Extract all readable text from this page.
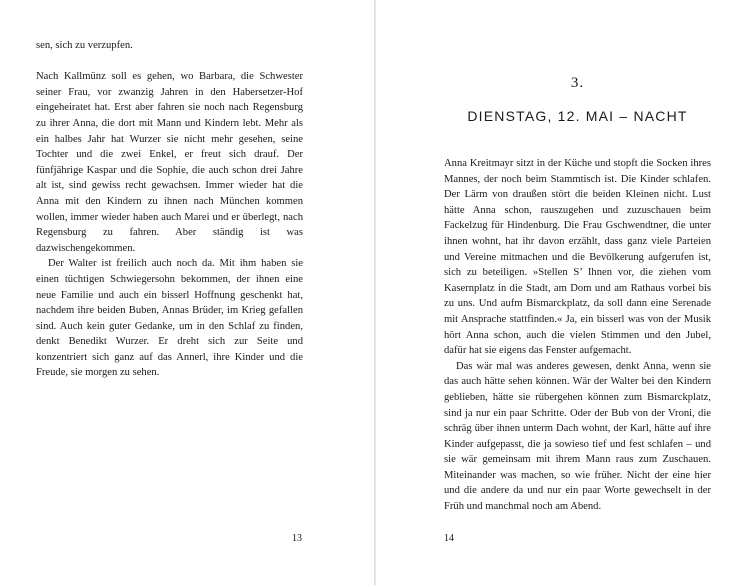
sen, sich zu verzupfen.

Nach Kallmünz soll es gehen, wo Barbara, die Schwester seiner Frau, vor zwanzig Jahren in den Habersetzer-Hof eingeheiratet hat. Erst aber fahren sie noch nach Regensburg zu ihrer Anna, die dort mit Mann und Kindern lebt. Mehr als ein halbes Jahr hat Wurzer sie nicht mehr gesehen, seine Tochter und die zwei Enkel, er freut sich drauf. Der fünfjährige Kaspar und die Sophie, die auch schon drei Jahre alt ist, sind gewiss recht gewachsen. Immer wieder hat die Anna mit den Kindern zu ihnen nach München kommen wollen, immer wieder haben auch Marei und er überlegt, nach Regensburg zu fahren. Aber ständig ist was dazwischengekommen.

Der Walter ist freilich auch noch da. Mit ihm haben sie einen tüchtigen Schwiegersohn bekommen, der ihnen eine neue Familie und auch ein bisserl Hoffnung geschenkt hat, nachdem ihre beiden Buben, Annas Brüder, im Krieg gefallen sind. Auch kein guter Gedanke, um in den Schlaf zu finden, denkt Benedikt Wurzer. Er dreht sich zur Seite und konzentriert sich ganz auf das Annerl, ihre Kinder und die Freude, sie morgen zu sehen.

3.
DIENSTAG, 12. MAI – NACHT

Anna Kreitmayr sitzt in der Küche und stopft die Socken ihres Mannes, der noch beim Stammtisch ist. Die Kinder schlafen. Der Lärm von draußen stört die beiden Kleinen nicht. Lust hätte Anna schon, rauszugehen und zuzuschauen beim Fackelzug für Hindenburg. Die Frau Gschwendtner, die unter ihnen wohnt, hat ihr davon erzählt, dass ganz viele Parteien und Vereine mitmachen und die Bevölkerung aufgerufen ist, sich zu beteiligen. »Stellen S’ Ihnen vor, die ziehen vom Kasernplatz in die Stadt, am Dom und am Rathaus vorbei bis zu uns. Und aufm Bismarckplatz, da soll dann eine Serenade mit Ansprache stattfinden.« Ja, ein bisserl was von der Musik hört Anna schon, auch die vielen Stimmen und den Jubel, dafür hat sie eigens das Fenster aufgemacht.

Das wär mal was anderes gewesen, denkt Anna, wenn sie das auch hätte sehen können. Wär der Walter bei den Kindern geblieben, hätte sie rübergehen können zum Bismarckplatz, sind ja nur ein paar Schritte. Oder der Bub von der Vroni, die schräg über ihnen unterm Dach wohnt, der Karl, hätte auf ihre Kinder aufgepasst, die ja sowieso tief und fest schlafen – und sie wär gemeinsam mit ihrem Mann raus zum Zuschauen. Miteinander was machen, so wie früher. Nicht der eine hier und die andere da und nur ein paar Worte gewechselt in der Früh und manchmal noch am Abend.

13	14
